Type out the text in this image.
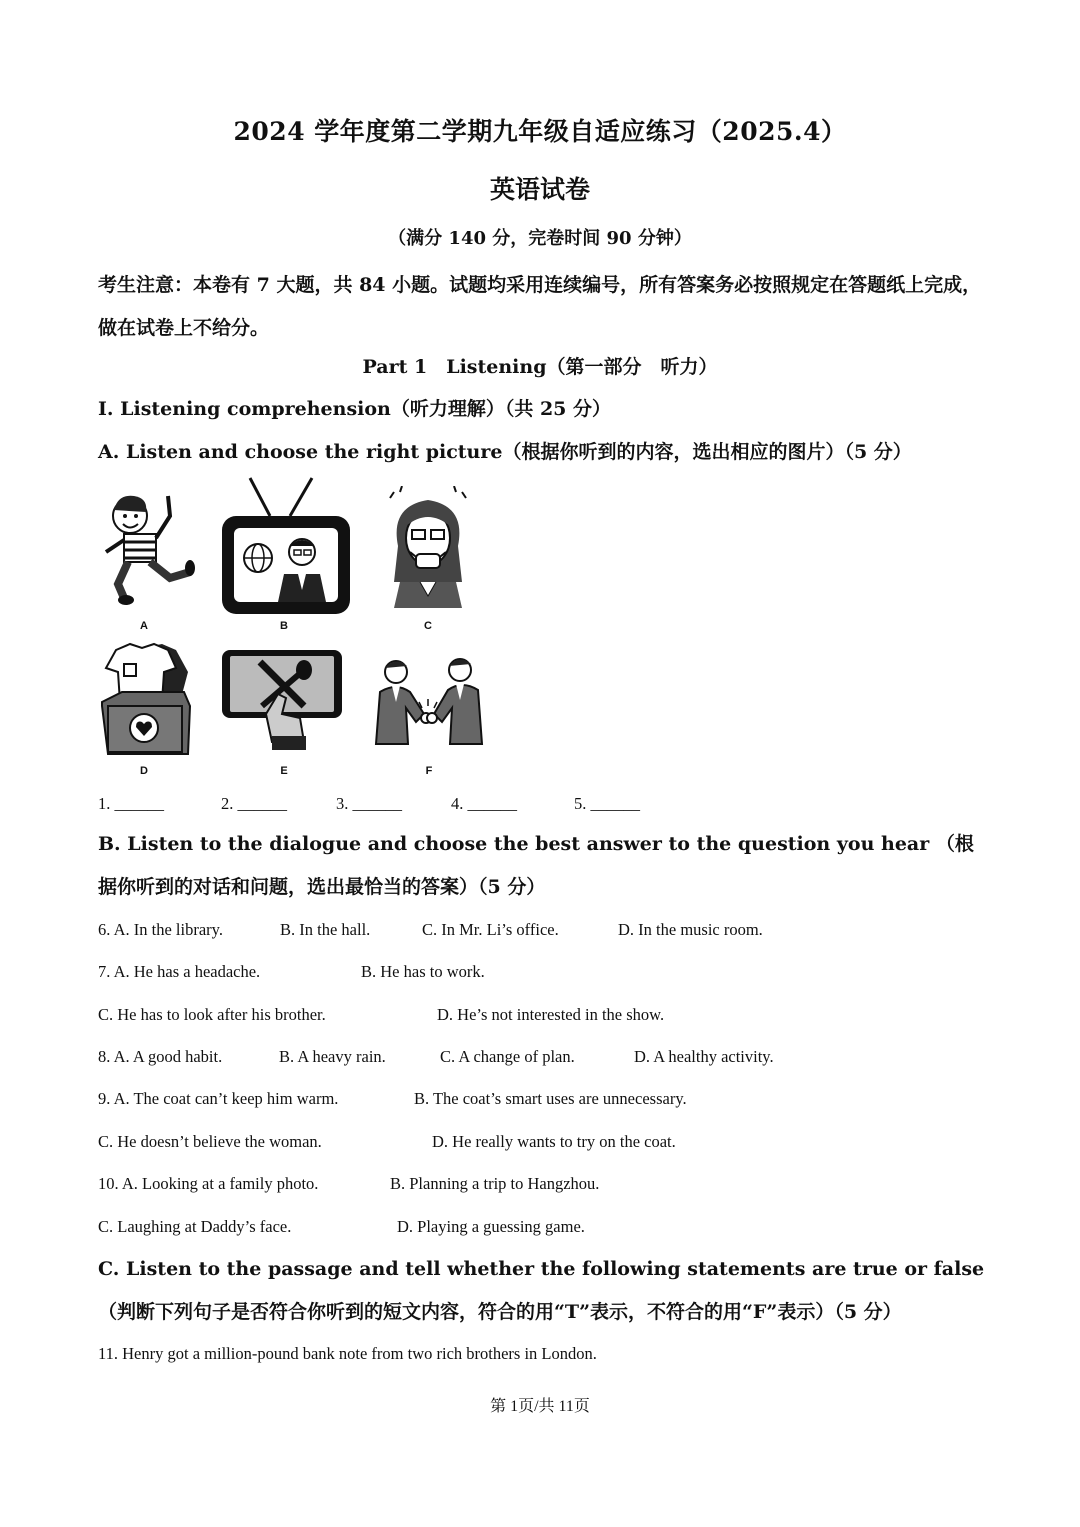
2024 学年度第二学期九年级自适应练习（2025.4）
英语试卷
（满分 140 分，完卷时间 90 分钟）
考生注意：本卷有 7 大题，共 84 小题。试题均采用连续编号，所有答案务必按照规定在答题纸上完成，做在试卷上不给分。
Part 1　Listening（第一部分　听力）
I. Listening comprehension（听力理解）（共 25 分）
A. Listen and choose the right picture（根据你听到的内容，选出相应的图片）（5 分）
A	B	C
D	E	F
1. ______	2. ______	3. ______	4. ______	5. ______
B. Listen to the dialogue and choose the best answer to the question you hear （根据你听到的对话和问题，选出最恰当的答案）（5 分）
6. A. In the library.	B. In the hall.	C. In Mr. Li’s office.	D. In the music room.
7. A. He has a headache.	B. He has to work.
C. He has to look after his brother.	D. He’s not interested in the show.
8. A. A good habit.	B. A heavy rain.	C. A change of plan.	D. A healthy activity.
9. A. The coat can’t keep him warm.	B. The coat’s smart uses are unnecessary.
C. He doesn’t believe the woman.	D. He really wants to try on the coat.
10. A. Looking at a family photo.	B. Planning a trip to Hangzhou.
C. Laughing at Daddy’s face.	D. Playing a guessing game.
C. Listen to the passage and tell whether the following statements are true or false （判断下列句子是否符合你听到的短文内容，符合的用“T”表示，不符合的用“F”表示）（5 分）
11. Henry got a million-pound bank note from two rich brothers in London.
第 1页/共 11页
